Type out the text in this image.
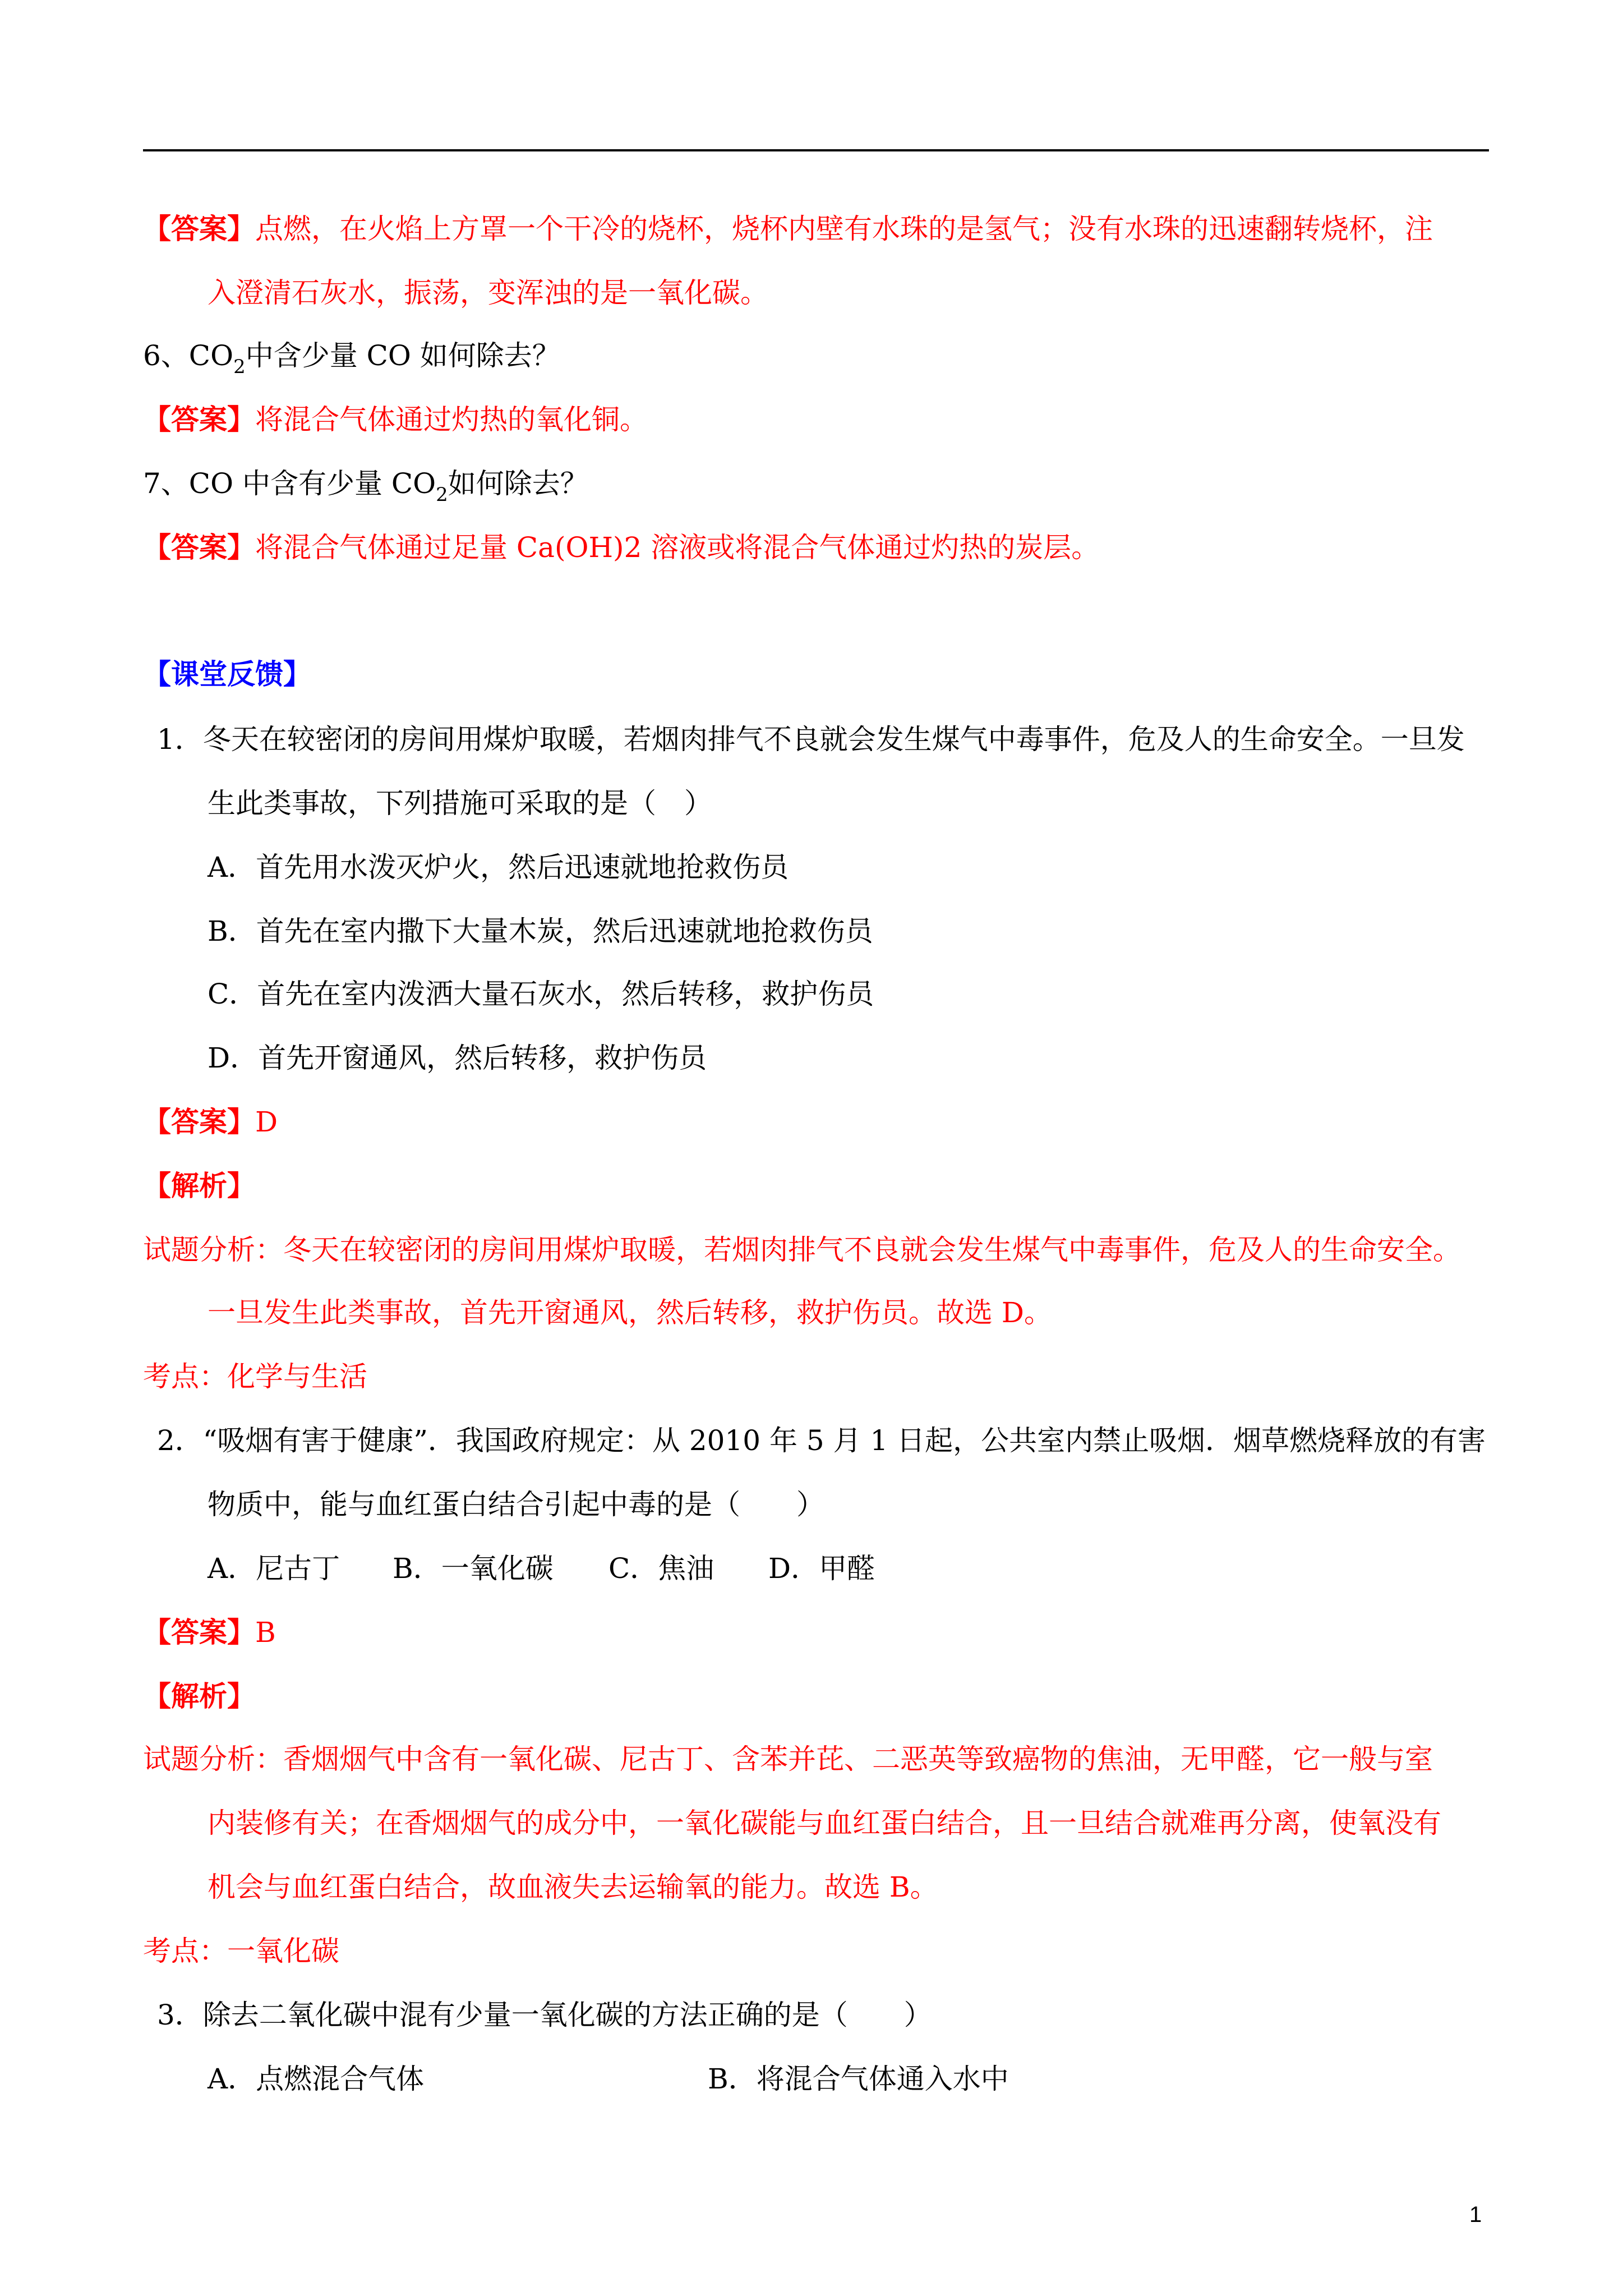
【答案】点燃，在火焰上方罩一个干冷的烧杯，烧杯内壁有水珠的是氢气；没有水珠的迅速翻转烧杯，注
入澄清石灰水，振荡，变浑浊的是一氧化碳。
6、$CO_2$中含少量 CO 如何除去？
【答案】将混合气体通过灼热的氧化铜。
7、CO 中含有少量 $CO_2$如何除去？
【答案】将混合气体通过足量 Ca(OH)2 溶液或将混合气体通过灼热的炭层。
【课堂反馈】
1．冬天在较密闭的房间用煤炉取暖，若烟肉排气不良就会发生煤气中毒事件，危及人的生命安全。一旦发
生此类事故，下列措施可采取的是（　）
A．首先用水泼灭炉火，然后迅速就地抢救伤员
B．首先在室内撒下大量木炭，然后迅速就地抢救伤员
C．首先在室内泼洒大量石灰水，然后转移，救护伤员
D．首先开窗通风，然后转移，救护伤员
【答案】D
【解析】
试题分析：冬天在较密闭的房间用煤炉取暖，若烟肉排气不良就会发生煤气中毒事件，危及人的生命安全。
一旦发生此类事故，首先开窗通风，然后转移，救护伤员。故选 D。
考点：化学与生活
2．“吸烟有害于健康”．我国政府规定：从 2010 年 5 月 1 日起，公共室内禁止吸烟．烟草燃烧释放的有害
物质中，能与血红蛋白结合引起中毒的是（　　）
A．尼古丁 B．一氧化碳 C．焦油 D．甲醛
【答案】B
【解析】
试题分析：香烟烟气中含有一氧化碳、尼古丁、含苯并芘、二恶英等致癌物的焦油，无甲醛，它一般与室
内装修有关；在香烟烟气的成分中，一氧化碳能与血红蛋白结合，且一旦结合就难再分离，使氧没有
机会与血红蛋白结合，故血液失去运输氧的能力。故选 B。
考点：一氧化碳
3．除去二氧化碳中混有少量一氧化碳的方法正确的是（　　）
A．点燃混合气体	B．将混合气体通入水中
1
